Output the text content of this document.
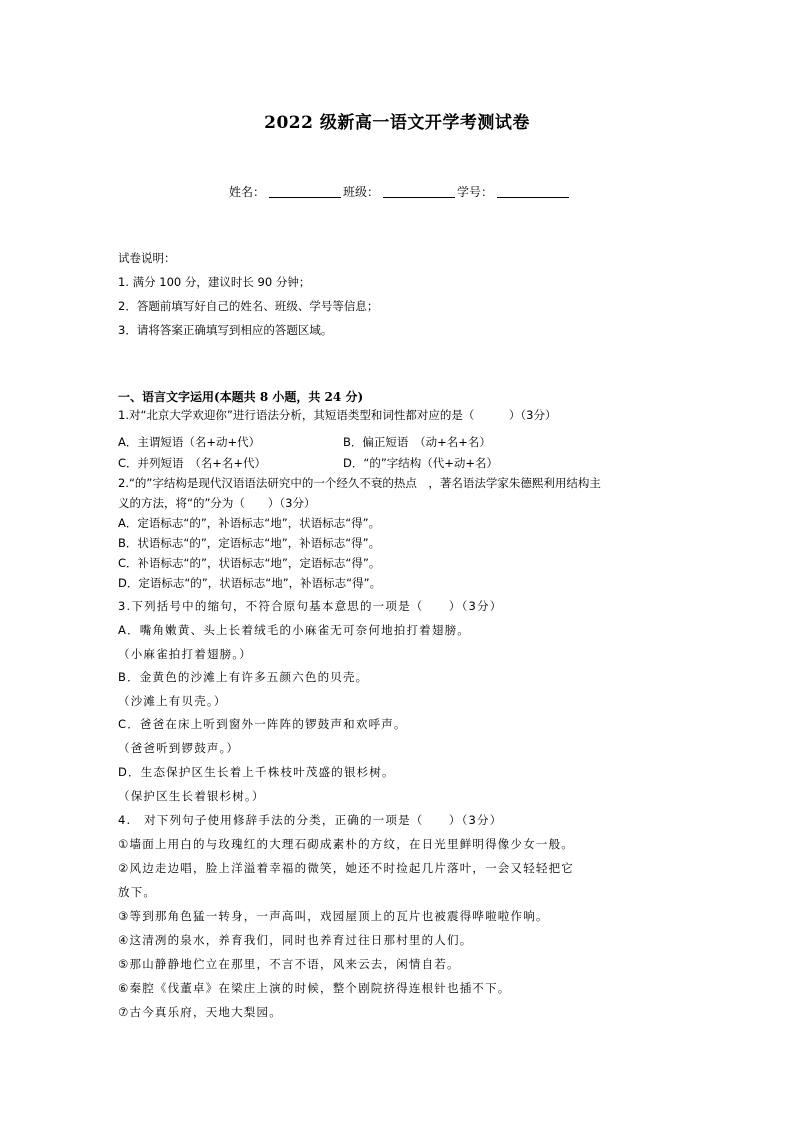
2022 级新高一语文开学考测试卷
姓名：	班级：	学号：
试卷说明：
1. 满分 100 分，建议时长 90 分钟；
2．答题前填写好自己的姓名、班级、学号等信息；
3．请将答案正确填写到相应的答题区域。
一、语言文字运用(本题共 8 小题，共 24 分)
1.对“北京大学欢迎你”进行语法分析，其短语类型和词性都对应的是（　　　）（3分）
A．主谓短语（名+动+代）	B．偏正短语　（动+名+名）
C．并列短语　（名+名+代）	D．“的”字结构（代+动+名）
2.“的”字结构是现代汉语语法研究中的一个经久不衰的热点　，著名语法学家朱德熙利用结构主
义的方法，将“的”分为（　　）（3分）
A．定语标志“的”，补语标志“地”，状语标志“得”。
B．状语标志“的”，定语标志“地”，补语标志“得”。
C．补语标志“的”，状语标志“地”，定语标志“得”。
D．定语标志“的”，状语标志“地”，补语标志“得”。
3.下列括号中的缩句，不符合原句基本意思的一项是（　　）（3分）
A．嘴角嫩黄、头上长着绒毛的小麻雀无可奈何地拍打着翅膀。
（小麻雀拍打着翅膀。）
B．金黄色的沙滩上有许多五颜六色的贝壳。
（沙滩上有贝壳。）
C．爸爸在床上听到窗外一阵阵的锣鼓声和欢呼声。
（爸爸听到锣鼓声。）
D．生态保护区生长着上千株枝叶茂盛的银杉树。
（保护区生长着银杉树。）
4.　对下列句子使用修辞手法的分类，正确的一项是（　　）（3分）
①墙面上用白的与玫瑰红的大理石砌成素朴的方纹，在日光里鲜明得像少女一般。
②风边走边唱，脸上洋溢着幸福的微笑，她还不时捡起几片落叶，一会又轻轻把它
放下。
③等到那角色猛一转身，一声高叫，戏园屋顶上的瓦片也被震得哗啦啦作响。
④这清冽的泉水，养育我们，同时也养育过往日那村里的人们。
⑤那山静静地伫立在那里，不言不语，风来云去，闲情自若。
⑥秦腔《伐董卓》在梁庄上演的时候，整个剧院挤得连根针也插不下。
⑦古今真乐府，天地大梨园。
